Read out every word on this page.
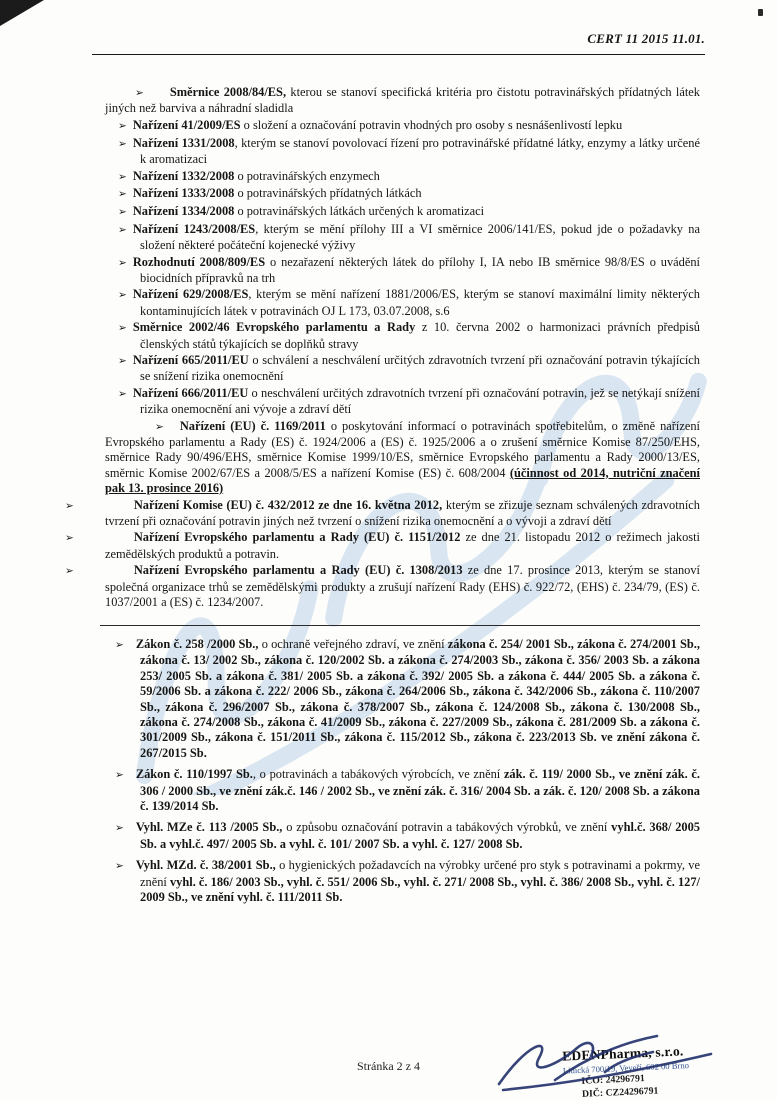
CERT 11 2015 11.01.
➢ Směrnice 2008/84/ES, kterou se stanoví specifická kritéria pro čistotu potravinářských přídatných látek jiných než barviva a náhradní sladidla
➢ Nařízení 41/2009/ES o složení a označování potravin vhodných pro osoby s nesnášenlivostí lepku
➢ Nařízení 1331/2008, kterým se stanoví povolovací řízení pro potravinářské přídatné látky, enzymy a látky určené k aromatizaci
➢ Nařízení 1332/2008 o potravinářských enzymech
➢ Nařízení 1333/2008 o potravinářských přídatných látkách
➢ Nařízení 1334/2008 o potravinářských látkách určených k aromatizaci
➢ Nařízení 1243/2008/ES, kterým se mění přílohy III a VI směrnice 2006/141/ES, pokud jde o požadavky na složení některé počáteční kojenecké výživy
➢ Rozhodnutí 2008/809/ES o nezařazení některých látek do přílohy I, IA nebo IB směrnice 98/8/ES o uvádění biocidních přípravků na trh
➢ Nařízení 629/2008/ES, kterým se mění nařízení 1881/2006/ES, kterým se stanoví maximální limity některých kontaminujících látek v potravinách OJ L 173, 03.07.2008, s.6
➢ Směrnice 2002/46 Evropského parlamentu a Rady z 10. června 2002 o harmonizaci právních předpisů členských států týkajících se doplňků stravy
➢ Nařízení 665/2011/EU o schválení a neschválení určitých zdravotních tvrzení při označování potravin týkajících se snížení rizika onemocnění
➢ Nařízení 666/2011/EU o neschválení určitých zdravotních tvrzení při označování potravin, jež se netýkají snížení rizika onemocnění ani vývoje a zdraví dětí
➢ Nařízení (EU) č. 1169/2011 o poskytování informací o potravinách spotřebitelům, o změně nařízení Evropského parlamentu a Rady (ES) č. 1924/2006 a (ES) č. 1925/2006 a o zrušení směrnice Komise 87/250/EHS, směrnice Rady 90/496/EHS, směrnice Komise 1999/10/ES, směrnice Evropského parlamentu a Rady 2000/13/ES, směrnic Komise 2002/67/ES a 2008/5/ES a nařízení Komise (ES) č. 608/2004 (účinnost od 2014, nutriční značení pak 13. prosince 2016)
➢	Nařízení Komise (EU) č. 432/2012 ze dne 16. května 2012, kterým se zřizuje seznam schválených zdravotních tvrzení při označování potravin jiných než tvrzení o snížení rizika onemocnění a o vývoji a zdraví dětí
➢	Nařízení Evropského parlamentu a Rady (EU) č. 1151/2012 ze dne 21. listopadu 2012 o režimech jakosti zemědělských produktů a potravin.
➢	Nařízení Evropského parlamentu a Rady (EU) č. 1308/2013 ze dne 17. prosince 2013, kterým se stanoví společná organizace trhů se zemědělskými produkty a zrušují nařízení Rady (EHS) č. 922/72, (EHS) č. 234/79, (ES) č. 1037/2001 a (ES) č. 1234/2007.
➢ Zákon č. 258 /2000 Sb., o ochraně veřejného zdraví, ve znění zákona č. 254/ 2001 Sb., zákona č. 274/2001 Sb., zákona č. 13/ 2002 Sb., zákona č. 120/2002 Sb. a zákona č. 274/2003 Sb., zákona č. 356/ 2003 Sb. a zákona 253/ 2005 Sb. a zákona č. 381/ 2005 Sb. a zákona č. 392/ 2005 Sb. a zákona č. 444/ 2005 Sb. a zákona č. 59/2006 Sb. a zákona č. 222/ 2006 Sb., zákona č. 264/2006 Sb., zákona č. 342/2006 Sb., zákona č. 110/2007 Sb., zákona č. 296/2007 Sb., zákona č. 378/2007 Sb., zákona č. 124/2008 Sb., zákona č. 130/2008 Sb., zákona č. 274/2008 Sb., zákona č. 41/2009 Sb., zákona č. 227/2009 Sb., zákona č. 281/2009 Sb. a zákona č. 301/2009 Sb., zákona č. 151/2011 Sb., zákona č. 115/2012 Sb., zákona č. 223/2013 Sb. ve znění zákona č. 267/2015 Sb.
➢ Zákon č. 110/1997 Sb., o potravinách a tabákových výrobcích, ve znění zák. č. 119/ 2000 Sb., ve znění zák. č. 306 / 2000 Sb., ve znění zák.č. 146 / 2002 Sb., ve znění zák. č. 316/ 2004 Sb. a zák. č. 120/ 2008 Sb. a zákona č. 139/2014 Sb.
➢ Vyhl. MZe č. 113 /2005 Sb., o způsobu označování potravin a tabákových výrobků, ve znění vyhl.č. 368/ 2005 Sb. a vyhl.č. 497/ 2005 Sb. a vyhl. č. 101/ 2007 Sb. a vyhl. č. 127/ 2008 Sb.
➢ Vyhl. MZd. č. 38/2001 Sb., o hygienických požadavcích na výrobky určené pro styk s potravinami a pokrmy, ve znění vyhl. č. 186/ 2003 Sb., vyhl. č. 551/ 2006 Sb., vyhl. č. 271/ 2008 Sb., vyhl. č. 386/ 2008 Sb., vyhl. č. 127/ 2009 Sb., ve znění vyhl. č. 111/2011 Sb.
Stránka 2 z 4
EDENPharma, s.r.o.
Lidická 700/19, Veveří, 602 00 Brno
IČO: 24296791
DIČ: CZ24296791
